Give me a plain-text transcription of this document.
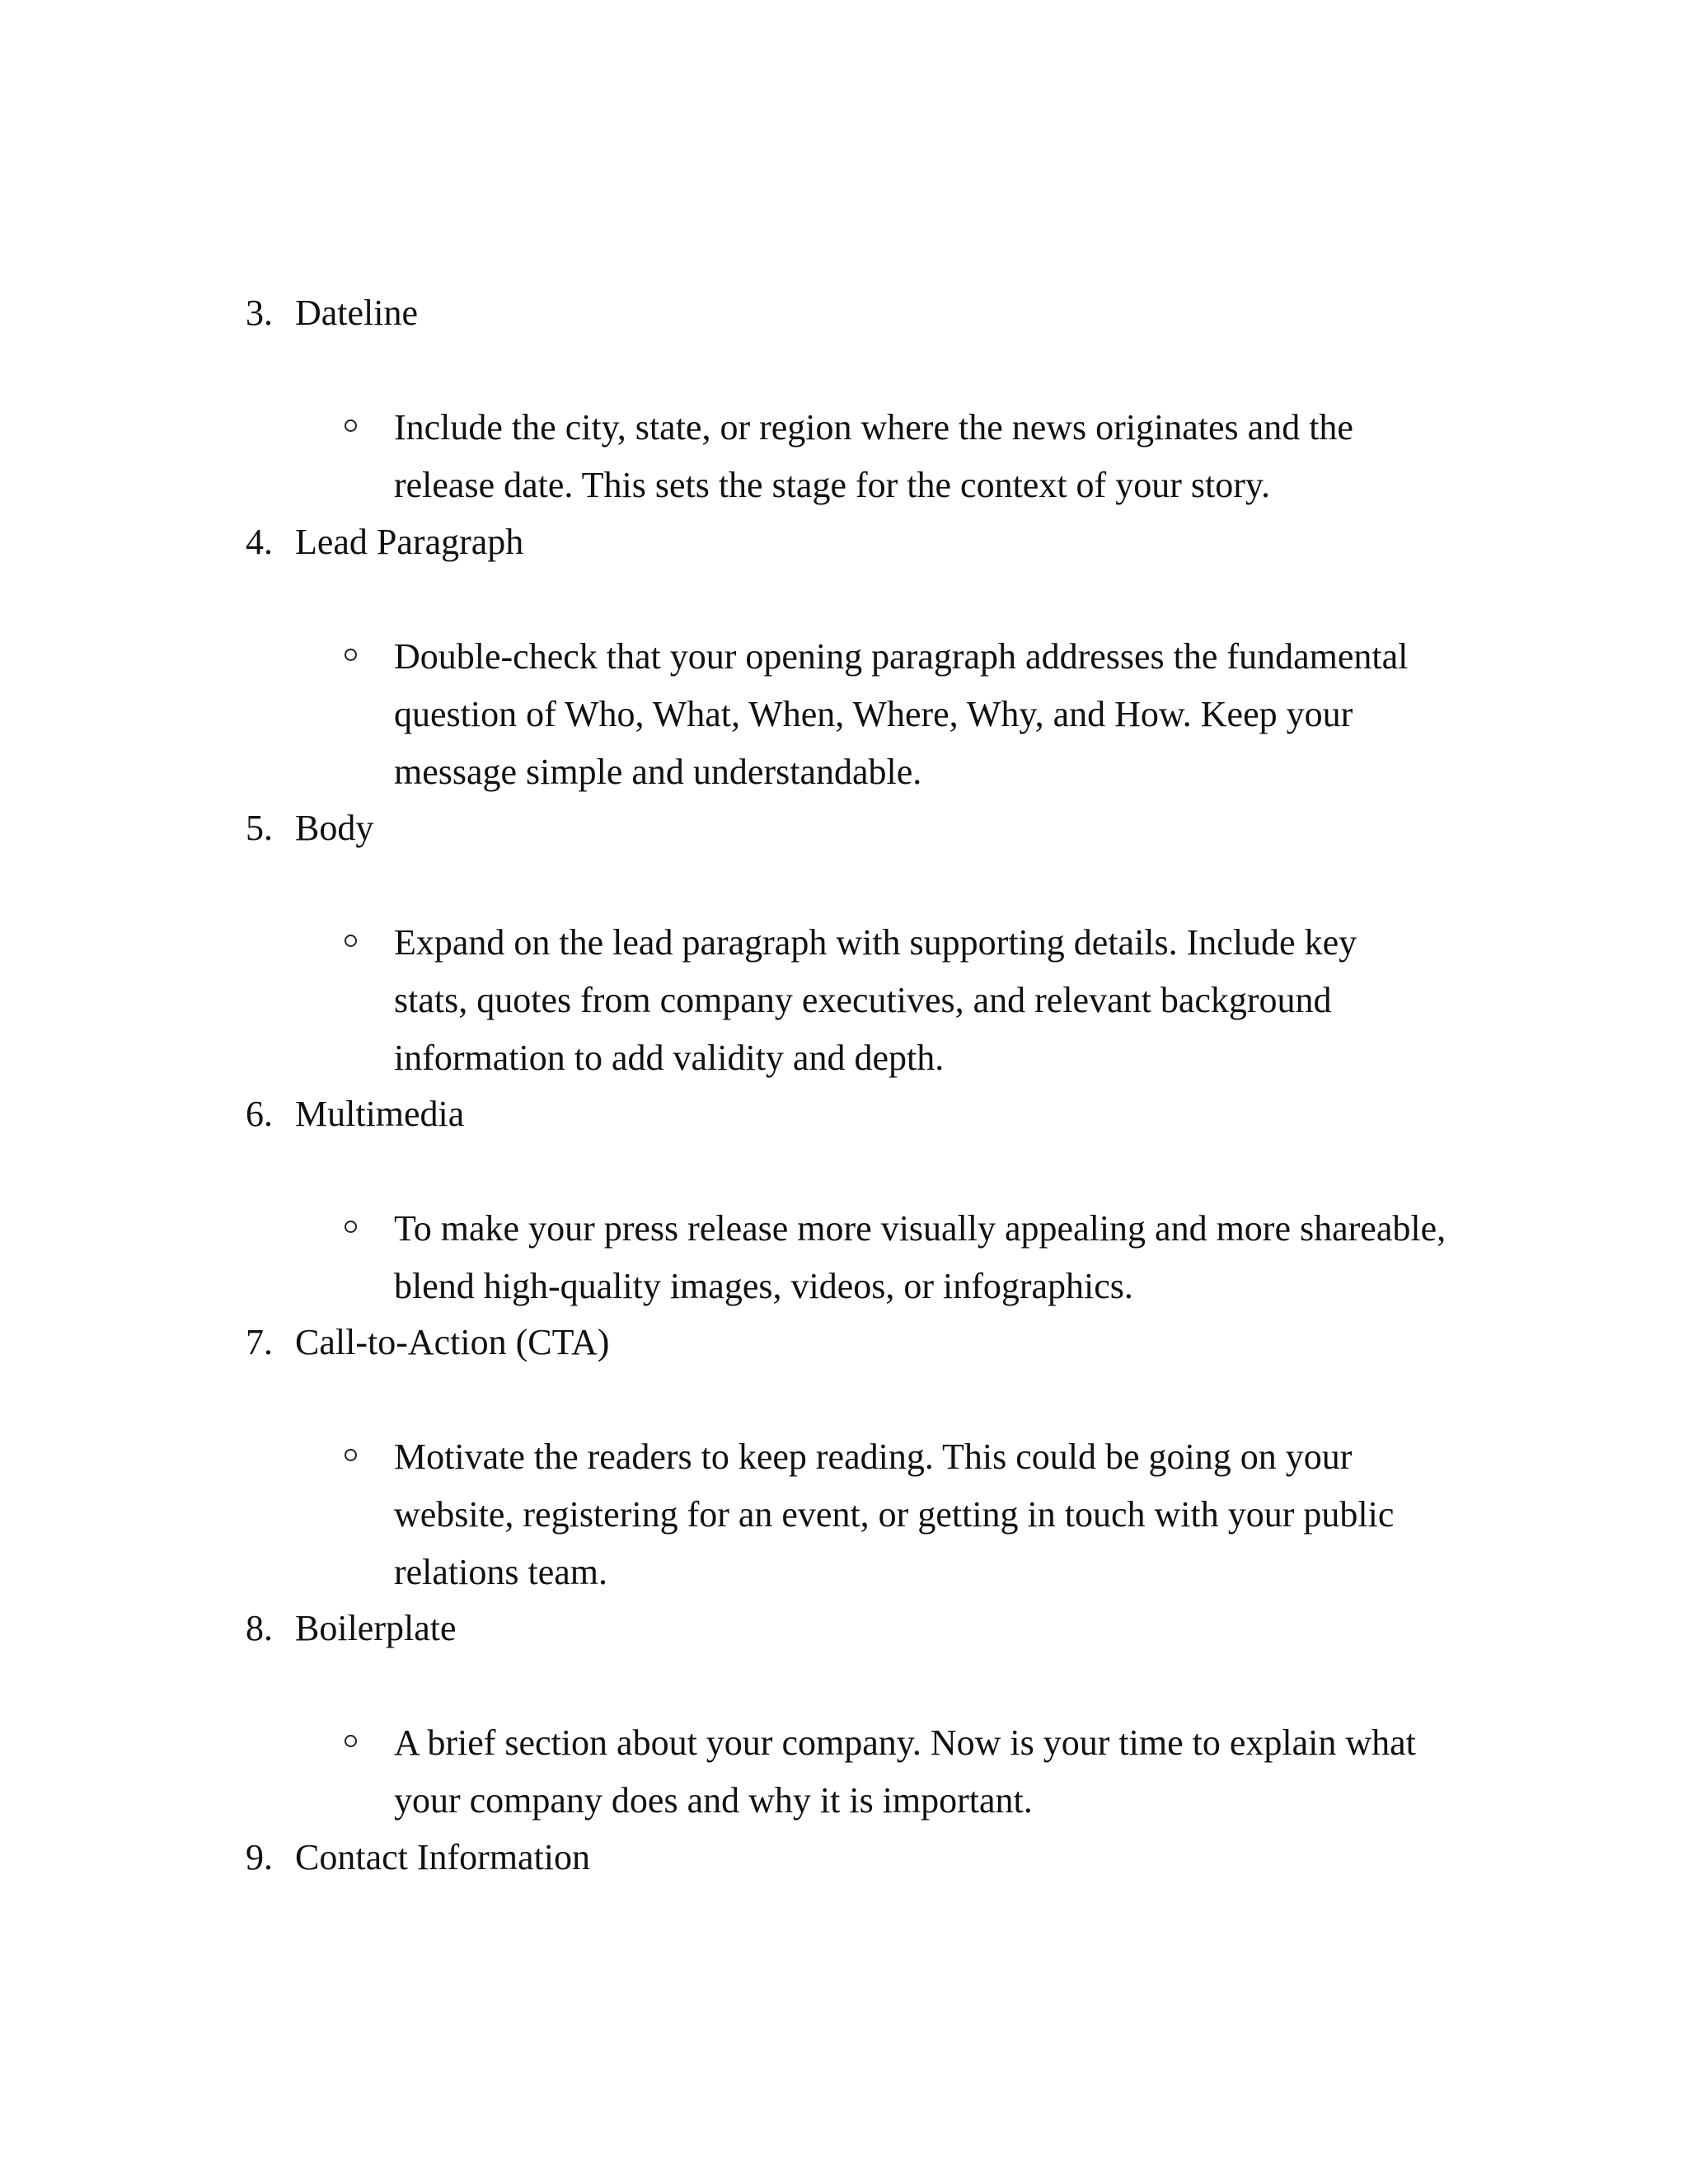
3. Dateline
Include the city, state, or region where the news originates and the
release date. This sets the stage for the context of your story.
4. Lead Paragraph
Double-check that your opening paragraph addresses the fundamental
question of Who, What, When, Where, Why, and How. Keep your
message simple and understandable.
5. Body
Expand on the lead paragraph with supporting details. Include key
stats, quotes from company executives, and relevant background
information to add validity and depth.
6. Multimedia
To make your press release more visually appealing and more shareable,
blend high-quality images, videos, or infographics.
7. Call-to-Action (CTA)
Motivate the readers to keep reading. This could be going on your
website, registering for an event, or getting in touch with your public
relations team.
8. Boilerplate
A brief section about your company. Now is your time to explain what
your company does and why it is important.
9. Contact Information
